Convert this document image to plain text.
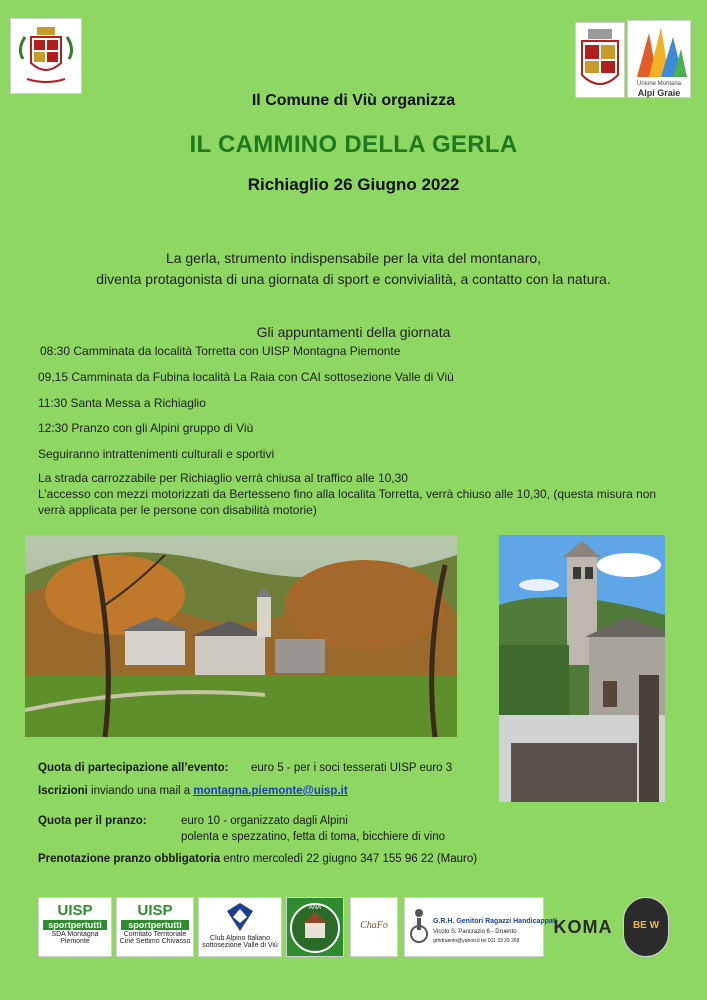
Unione Montana
Alpi Graie
Il Comune di Viù organizza
IL CAMMINO DELLA GERLA
Richiaglio 26 Giugno 2022
La gerla, strumento indispensabile per la vita del montanaro,
diventa protagonista di una giornata di sport e convivialità, a contatto con la natura.
Gli appuntamenti della giornata
08:30 Camminata da località Torretta con UISP Montagna Piemonte
09,15 Camminata da Fubina località La Raia con CAI sottosezione Valle di Viù
11:30 Santa Messa a Richiaglio
12:30 Pranzo con gli Alpini gruppo di Viù
Seguiranno intrattenimenti culturali e sportivi
La strada carrozzabile per Richiaglio verrà chiusa al traffico alle 10,30
L’accesso con mezzi motorizzati da Bertesseno fino alla localita Torretta, verrà chiuso alle 10,30, (questa misura non verrà applicata per le persone con disabilità motorie)
Quota di partecipazione all’evento: euro 5 - per i soci tesserati UISP euro 3
Iscrizioni inviando una mail a montagna.piemonte@uisp.it
Quota per il pranzo:	euro 10 - organizzato dagli Alpini
polenta e spezzatino, fetta di toma, bicchiere di vino
Prenotazione pranzo obbligatoria entro mercoledì 22 giugno 347 155 96 22 (Mauro)
UISP
sportpertutti
SDA Montagna
Piemonte
UISP
sportpertutti
Comitato Territoriale
Ciriè Settimo Chivasso	Club Alpino Italiano
sottosezione Valle di Viù
ANA
ChaFo	G.R.H. Genitori Ragazzi Handicappati
Vicolo S. Pancrazio 6 - Druento
grhdruento@yahoo.it tel 011 33 29 269
KOMA	BE W
